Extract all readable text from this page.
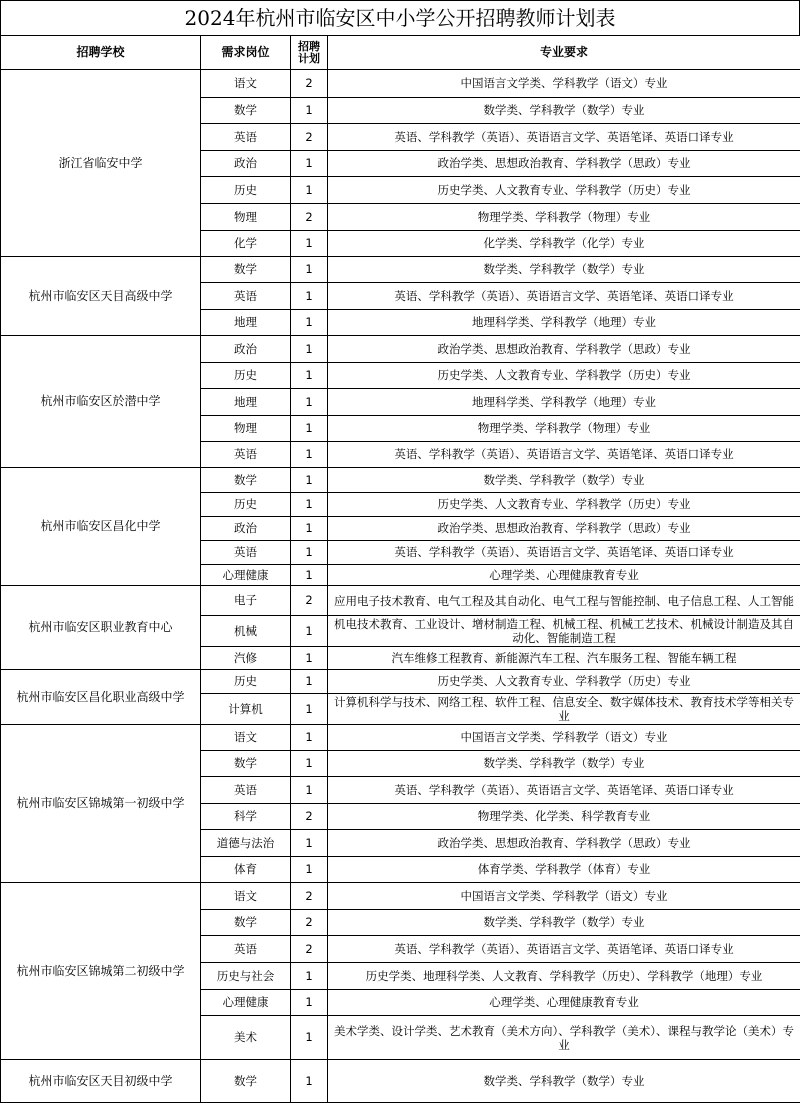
2024年杭州市临安区中小学公开招聘教师计划表
招聘学校	需求岗位	招聘计划	专业要求
浙江省临安中学	语文	2	中国语言文学类、学科教学（语文）专业
	数学	1	数学类、学科教学（数学）专业
	英语	2	英语、学科教学（英语）、英语语言文学、英语笔译、英语口译专业
	政治	1	政治学类、思想政治教育、学科教学（思政）专业
	历史	1	历史学类、人文教育专业、学科教学（历史）专业
	物理	2	物理学类、学科教学（物理）专业
	化学	1	化学类、学科教学（化学）专业
杭州市临安区天目高级中学	数学	1	数学类、学科教学（数学）专业
	英语	1	英语、学科教学（英语）、英语语言文学、英语笔译、英语口译专业
	地理	1	地理科学类、学科教学（地理）专业
杭州市临安区於潜中学	政治	1	政治学类、思想政治教育、学科教学（思政）专业
	历史	1	历史学类、人文教育专业、学科教学（历史）专业
	地理	1	地理科学类、学科教学（地理）专业
	物理	1	物理学类、学科教学（物理）专业
	英语	1	英语、学科教学（英语）、英语语言文学、英语笔译、英语口译专业
杭州市临安区昌化中学	数学	1	数学类、学科教学（数学）专业
	历史	1	历史学类、人文教育专业、学科教学（历史）专业
	政治	1	政治学类、思想政治教育、学科教学（思政）专业
	英语	1	英语、学科教学（英语）、英语语言文学、英语笔译、英语口译专业
	心理健康	1	心理学类、心理健康教育专业
杭州市临安区职业教育中心	电子	2	应用电子技术教育、电气工程及其自动化、电气工程与智能控制、电子信息工程、人工智能
	机械	1	机电技术教育、工业设计、增材制造工程、机械工程、机械工艺技术、机械设计制造及其自动化、智能制造工程
	汽修	1	汽车维修工程教育、新能源汽车工程、汽车服务工程、智能车辆工程
杭州市临安区昌化职业高级中学	历史	1	历史学类、人文教育专业、学科教学（历史）专业
	计算机	1	计算机科学与技术、网络工程、软件工程、信息安全、数字媒体技术、教育技术学等相关专业
杭州市临安区锦城第一初级中学	语文	1	中国语言文学类、学科教学（语文）专业
	数学	1	数学类、学科教学（数学）专业
	英语	1	英语、学科教学（英语）、英语语言文学、英语笔译、英语口译专业
	科学	2	物理学类、化学类、科学教育专业
	道德与法治	1	政治学类、思想政治教育、学科教学（思政）专业
	体育	1	体育学类、学科教学（体育）专业
杭州市临安区锦城第二初级中学	语文	2	中国语言文学类、学科教学（语文）专业
	数学	2	数学类、学科教学（数学）专业
	英语	2	英语、学科教学（英语）、英语语言文学、英语笔译、英语口译专业
	历史与社会	1	历史学类、地理科学类、人文教育、学科教学（历史）、学科教学（地理）专业
	心理健康	1	心理学类、心理健康教育专业
	美术	1	美术学类、设计学类、艺术教育（美术方向）、学科教学（美术）、课程与教学论（美术）专业
杭州市临安区天目初级中学	数学	1	数学类、学科教学（数学）专业
